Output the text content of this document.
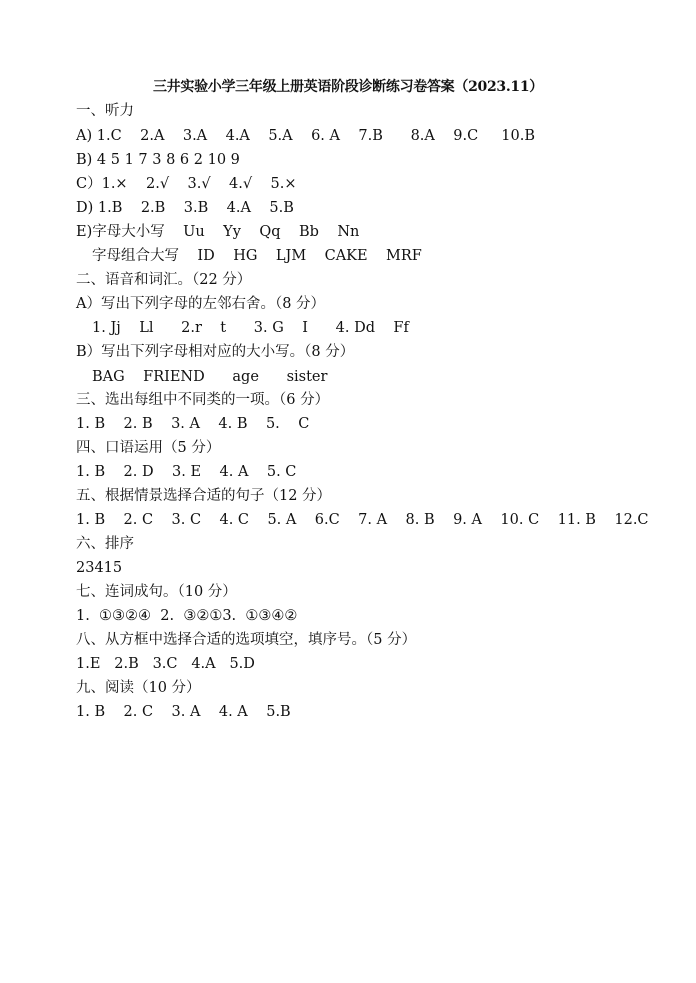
三井实验小学三年级上册英语阶段诊断练习卷答案（2023.11）
一、听力
A) 1.C    2.A    3.A    4.A    5.A    6. A    7.B      8.A    9.C     10.B
B) 4 5 1 7 3 8 6 2 10 9
C）1.×    2.√    3.√    4.√    5.×
D) 1.B    2.B    3.B    4.A    5.B
E)字母大小写    Uu    Yy    Qq    Bb    Nn
字母组合大写    ID    HG    LJM    CAKE    MRF
二、语音和词汇。（22 分）
A）写出下列字母的左邻右舍。（8 分）
1. Jj    Ll      2.r    t      3. G    I      4. Dd    Ff
B）写出下列字母相对应的大小写。（8 分）
BAG    FRIEND      age      sister
三、选出每组中不同类的一项。（6 分）
1. B    2. B    3. A    4. B    5.    C
四、口语运用（5 分）
1. B    2. D    3. E    4. A    5. C
五、根据情景选择合适的句子（12 分）
1. B    2. C    3. C    4. C    5. A    6.C    7. A    8. B    9. A    10. C    11. B    12.C
六、排序
23415
七、连词成句。（10 分）
1.  ①③②④  2.  ③②①3.  ①③④②
八、从方框中选择合适的选项填空，填序号。（5 分）
1.E   2.B   3.C   4.A   5.D
九、阅读（10 分）
1. B    2. C    3. A    4. A    5.B
